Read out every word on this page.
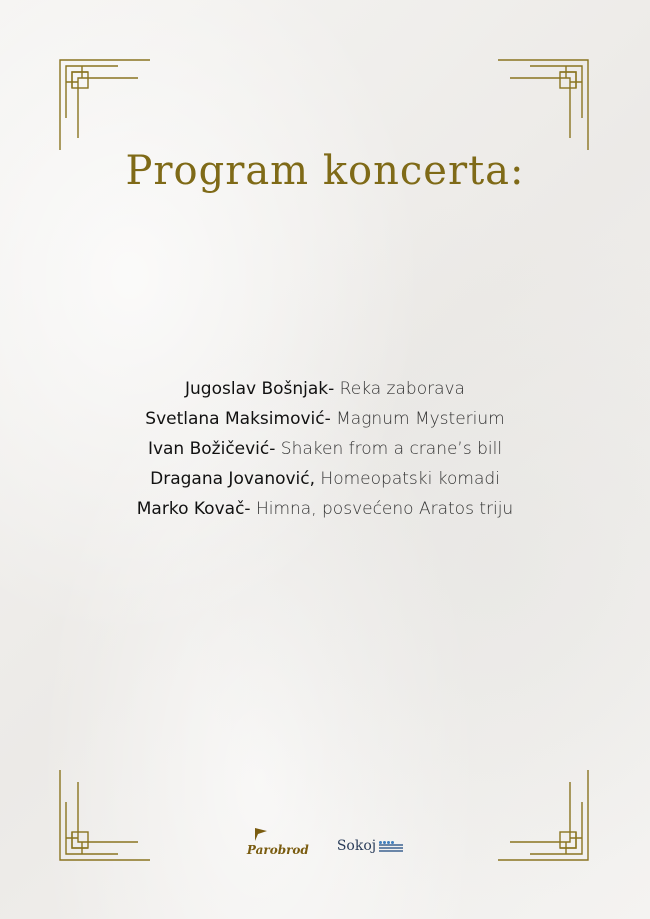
Program koncerta:
Jugoslav Bošnjak- Reka zaborava
Svetlana Maksimović- Magnum Mysterium
Ivan Božičević- Shaken from a crane’s bill
Dragana Jovanović, Homeopatski komadi
Marko Kovač- Himna, posvećeno Aratos triju
Parobrod Sokoj
